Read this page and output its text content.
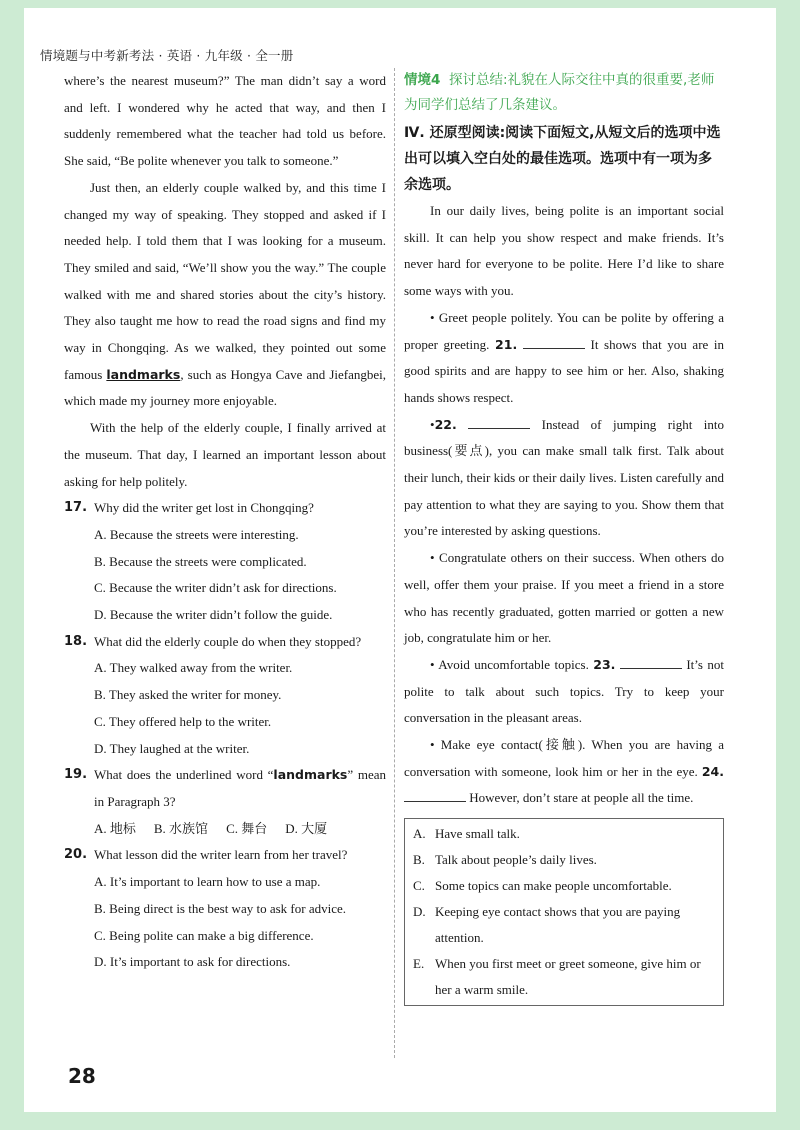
情境题与中考新考法 · 英语 · 九年级 · 全一册

where’s the nearest museum?” The man didn’t say a word and left. I wondered why he acted that way, and then I suddenly remembered what the teacher had told us before. She said, “Be polite whenever you talk to someone.”

Just then, an elderly couple walked by, and this time I changed my way of speaking. They stopped and asked if I needed help. I told them that I was looking for a museum. They smiled and said, “We’ll show you the way.” The couple walked with me and shared stories about the city’s history. They also taught me how to read the road signs and find my way in Chongqing. As we walked, they pointed out some famous landmarks, such as Hongya Cave and Jiefangbei, which made my journey more enjoyable.

With the help of the elderly couple, I finally arrived at the museum. That day, I learned an important lesson about asking for help politely.

17. Why did the writer get lost in Chongqing?
A. Because the streets were interesting.
B. Because the streets were complicated.
C. Because the writer didn’t ask for directions.
D. Because the writer didn’t follow the guide.
18. What did the elderly couple do when they stopped?
A. They walked away from the writer.
B. They asked the writer for money.
C. They offered help to the writer.
D. They laughed at the writer.
19. What does the underlined word “landmarks” mean in Paragraph 3?
A. 地标 B. 水族馆 C. 舞台 D. 大厦
20. What lesson did the writer learn from her travel?
A. It’s important to learn how to use a map.
B. Being direct is the best way to ask for advice.
C. Being polite can make a big difference.
D. It’s important to ask for directions.
情境4 探讨总结:礼貌在人际交往中真的很重要,老师为同学们总结了几条建议。
Ⅳ. 还原型阅读:阅读下面短文,从短文后的选项中选出可以填入空白处的最佳选项。选项中有一项为多余选项。

In our daily lives, being polite is an important social skill. It can help you show respect and make friends. It’s never hard for everyone to be polite. Here I’d like to share some ways with you.

• Greet people politely. You can be polite by offering a proper greeting. 21.	It shows that you are in good spirits and are happy to see him or her. Also, shaking hands shows respect.

•22.	Instead of jumping right into business(要点), you can make small talk first. Talk about their lunch, their kids or their daily lives. Listen carefully and pay attention to what they are saying to you. Show them that you’re interested by asking questions.

• Congratulate others on their success. When others do well, offer them your praise. If you meet a friend in a store who has recently graduated, gotten married or gotten a new job, congratulate him or her.

• Avoid uncomfortable topics. 23.	It’s not polite to talk about such topics. Try to keep your conversation in the pleasant areas.

• Make eye contact(接触). When you are having a conversation with someone, look him or her in the eye. 24.  However, don’t stare at people all the time.

A. Have small talk.
B. Talk about people’s daily lives.
C. Some topics can make people uncomfortable.
D. Keeping eye contact shows that you are paying attention.
E. When you first meet or greet someone, give him or her a warm smile.
28
